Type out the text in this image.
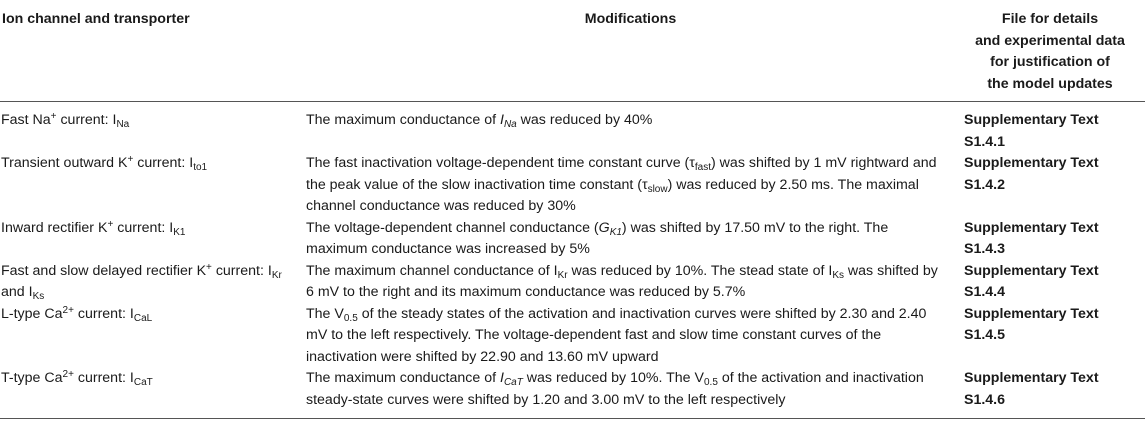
Ion channel and transporter	Modifications	File for details
and experimental data
for justification of
the model updates

Fast Na+ current: $I_{Na}$	The maximum conductance of $I_{Na}$ was reduced by 40%	Supplementary Text
S1.4.1

Transient outward K+ current: $I_{to1}$	The fast inactivation voltage-dependent time constant curve $(\tau_{fast})$ was shifted by 1 mV rightward and the peak value of the slow inactivation time constant $(\tau_{slow})$ was reduced by 2.50 ms. The maximal channel conductance was reduced by 30%	Supplementary Text
S1.4.2

Inward rectifier K+ current: $I_{K1}$	The voltage-dependent channel conductance $(G_{K1})$ was shifted by 17.50 mV to the right. The maximum conductance was increased by 5%	Supplementary Text
S1.4.3

Fast and slow delayed rectifier K+ current: $I_{Kr}$ and $I_{Ks}$	The maximum channel conductance of $I_{Kr}$ was reduced by 10%. The stead state of $I_{Ks}$ was shifted by 6 mV to the right and its maximum conductance was reduced by 5.7%	Supplementary Text
S1.4.4

L-type $Ca^{2+}$ current: $I_{CaL}$	The $V_{0.5}$ of the steady states of the activation and inactivation curves were shifted by 2.30 and 2.40 mV to the left respectively. The voltage-dependent fast and slow time constant curves of the inactivation were shifted by 22.90 and 13.60 mV upward	Supplementary Text
S1.4.5

T-type $Ca^{2+}$ current: $I_{CaT}$	The maximum conductance of $I_{CaT}$ was reduced by 10%. The $V_{0.5}$ of the activation and inactivation steady-state curves were shifted by 1.20 and 3.00 mV to the left respectively	Supplementary Text
S1.4.6
